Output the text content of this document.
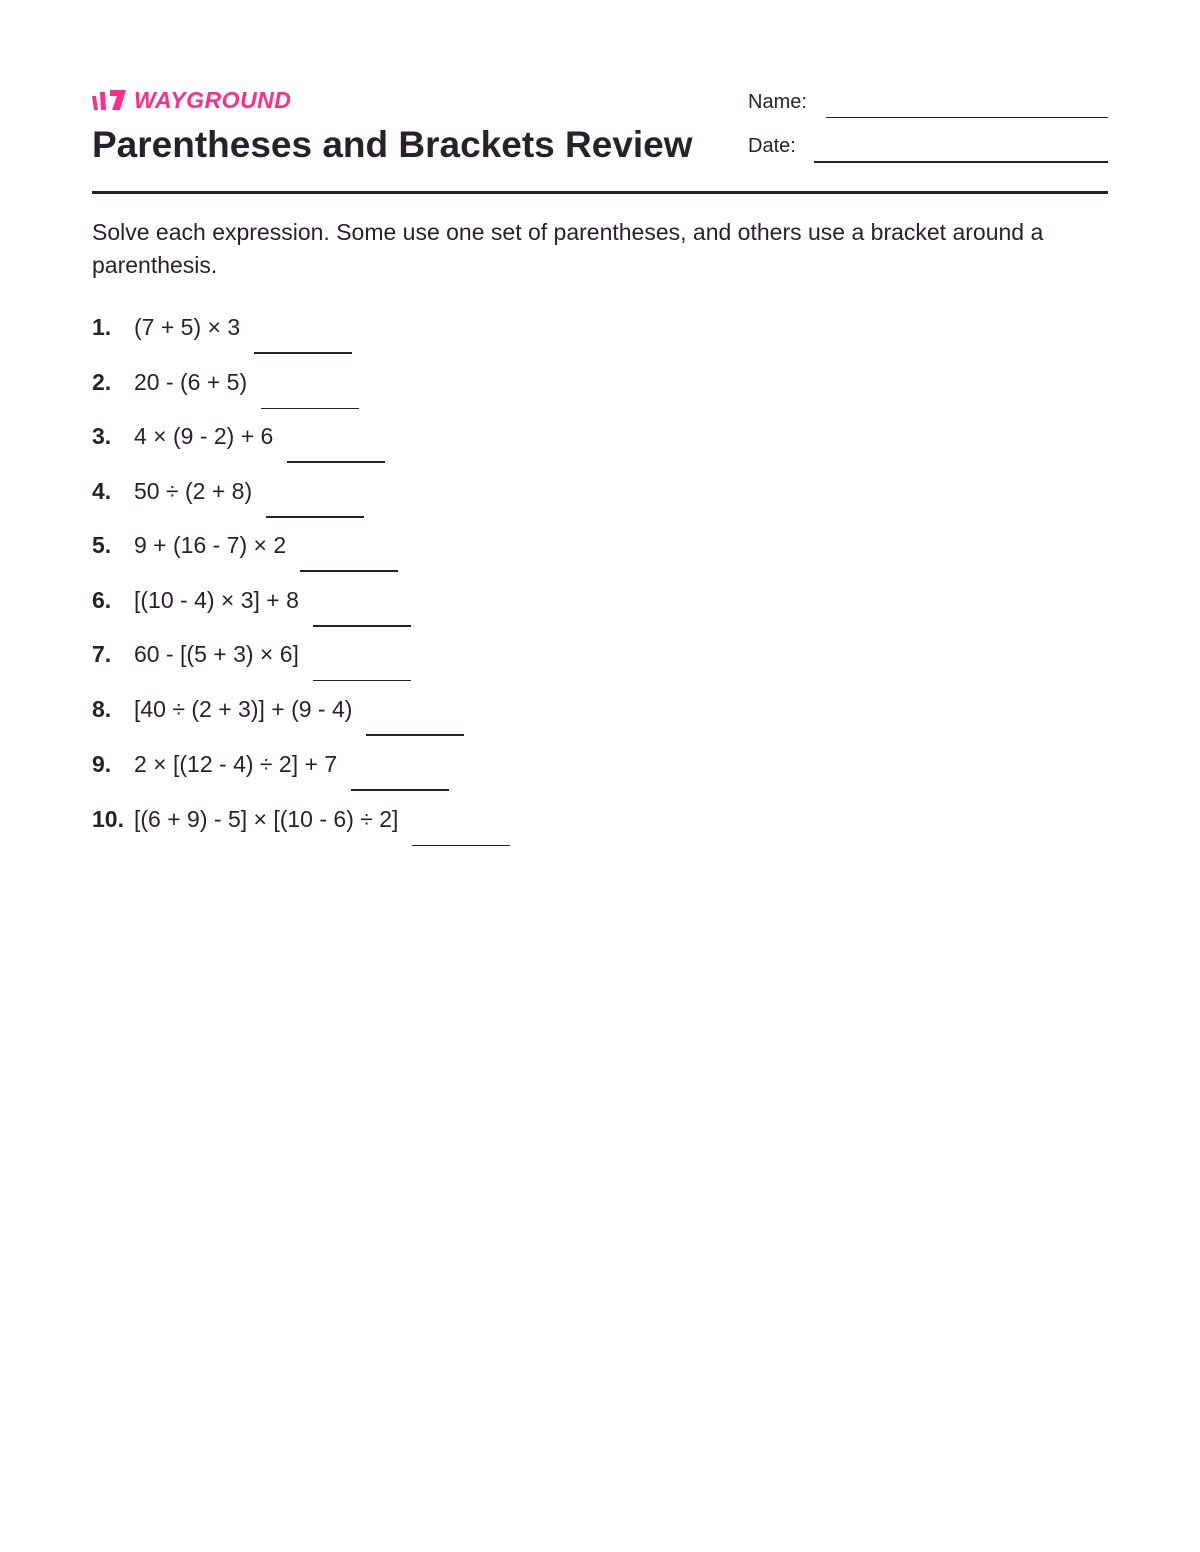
WAYGROUND
Parentheses and Brackets Review
Name:
Date:
Solve each expression. Some use one set of parentheses, and others use a bracket around a parenthesis.
1. (7 + 5) × 3
2. 20 - (6 + 5)
3. 4 × (9 - 2) + 6
4. 50 ÷ (2 + 8)
5. 9 + (16 - 7) × 2
6. [(10 - 4) × 3] + 8
7. 60 - [(5 + 3) × 6]
8. [40 ÷ (2 + 3)] + (9 - 4)
9. 2 × [(12 - 4) ÷ 2] + 7
10. [(6 + 9) - 5] × [(10 - 6) ÷ 2]
